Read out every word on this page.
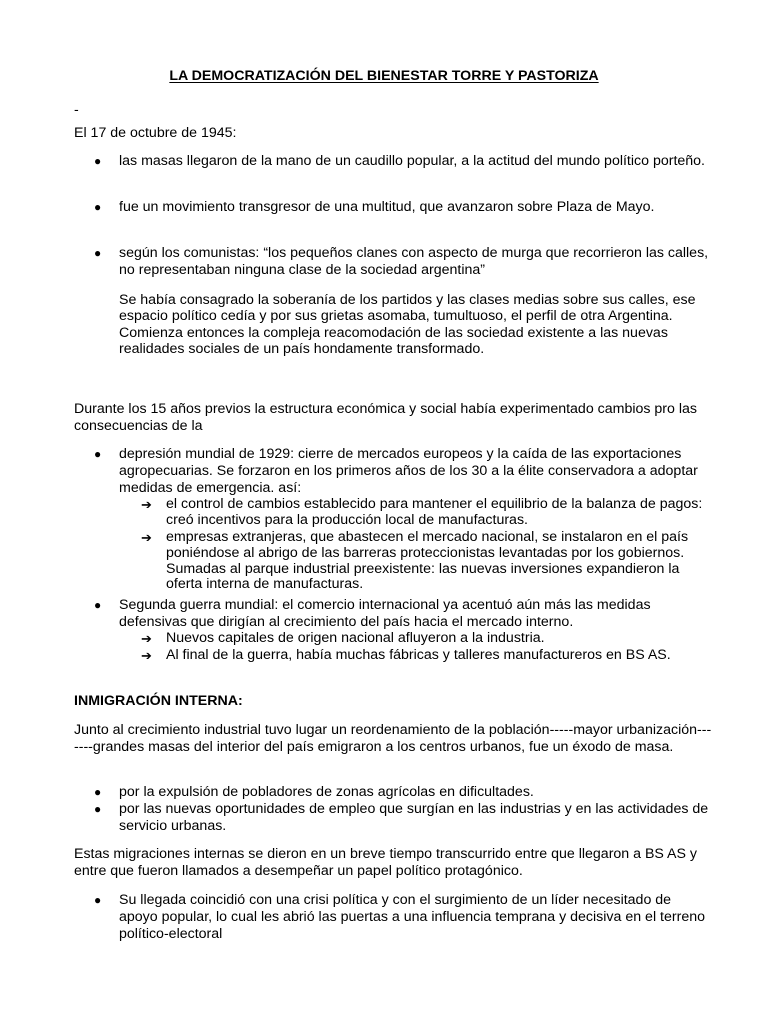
LA DEMOCRATIZACIÓN DEL BIENESTAR TORRE Y PASTORIZA
-
El 17 de octubre de 1945:
● las masas llegaron de la mano de un caudillo popular, a la actitud del mundo político porteño.
● fue un movimiento transgresor de una multitud, que avanzaron sobre Plaza de Mayo.
● según los comunistas: “los pequeños clanes con aspecto de murga que recorrieron las calles, no representaban ninguna clase de la sociedad argentina”
Se había consagrado la soberanía de los partidos y las clases medias sobre sus calles, ese espacio político cedía y por sus grietas asomaba, tumultuoso, el perfil de otra Argentina. Comienza entonces la compleja reacomodación de las sociedad existente a las nuevas realidades sociales de un país hondamente transformado.
Durante los 15 años previos la estructura económica y social había experimentado cambios pro las consecuencias de la
● depresión mundial de 1929: cierre de mercados europeos y la caída de las exportaciones agropecuarias. Se forzaron en los primeros años de los 30 a la élite conservadora a adoptar medidas de emergencia. así:
➔ el control de cambios establecido para mantener el equilibrio de la balanza de pagos: creó incentivos para la producción local de manufacturas.
➔ empresas extranjeras, que abastecen el mercado nacional, se instalaron en el país poniéndose al abrigo de las barreras proteccionistas levantadas por los gobiernos. Sumadas al parque industrial preexistente: las nuevas inversiones expandieron la oferta interna de manufacturas.
● Segunda guerra mundial: el comercio internacional ya acentuó aún más las medidas defensivas que dirigían al crecimiento del país hacia el mercado interno.
➔ Nuevos capitales de origen nacional afluyeron a la industria.
➔ Al final de la guerra, había muchas fábricas y talleres manufactureros en BS AS.
INMIGRACIÓN INTERNA:
Junto al crecimiento industrial tuvo lugar un reordenamiento de la población-----mayor urbanización-------grandes masas del interior del país emigraron a los centros urbanos, fue un éxodo de masa.
● por la expulsión de pobladores de zonas agrícolas en dificultades.
● por las nuevas oportunidades de empleo que surgían en las industrias y en las actividades de servicio urbanas.
Estas migraciones internas se dieron en un breve tiempo transcurrido entre que llegaron a BS AS y entre que fueron llamados a desempeñar un papel político protagónico.
● Su llegada coincidió con una crisi política y con el surgimiento de un líder necesitado de apoyo popular, lo cual les abrió las puertas a una influencia temprana y decisiva en el terreno político-electoral
